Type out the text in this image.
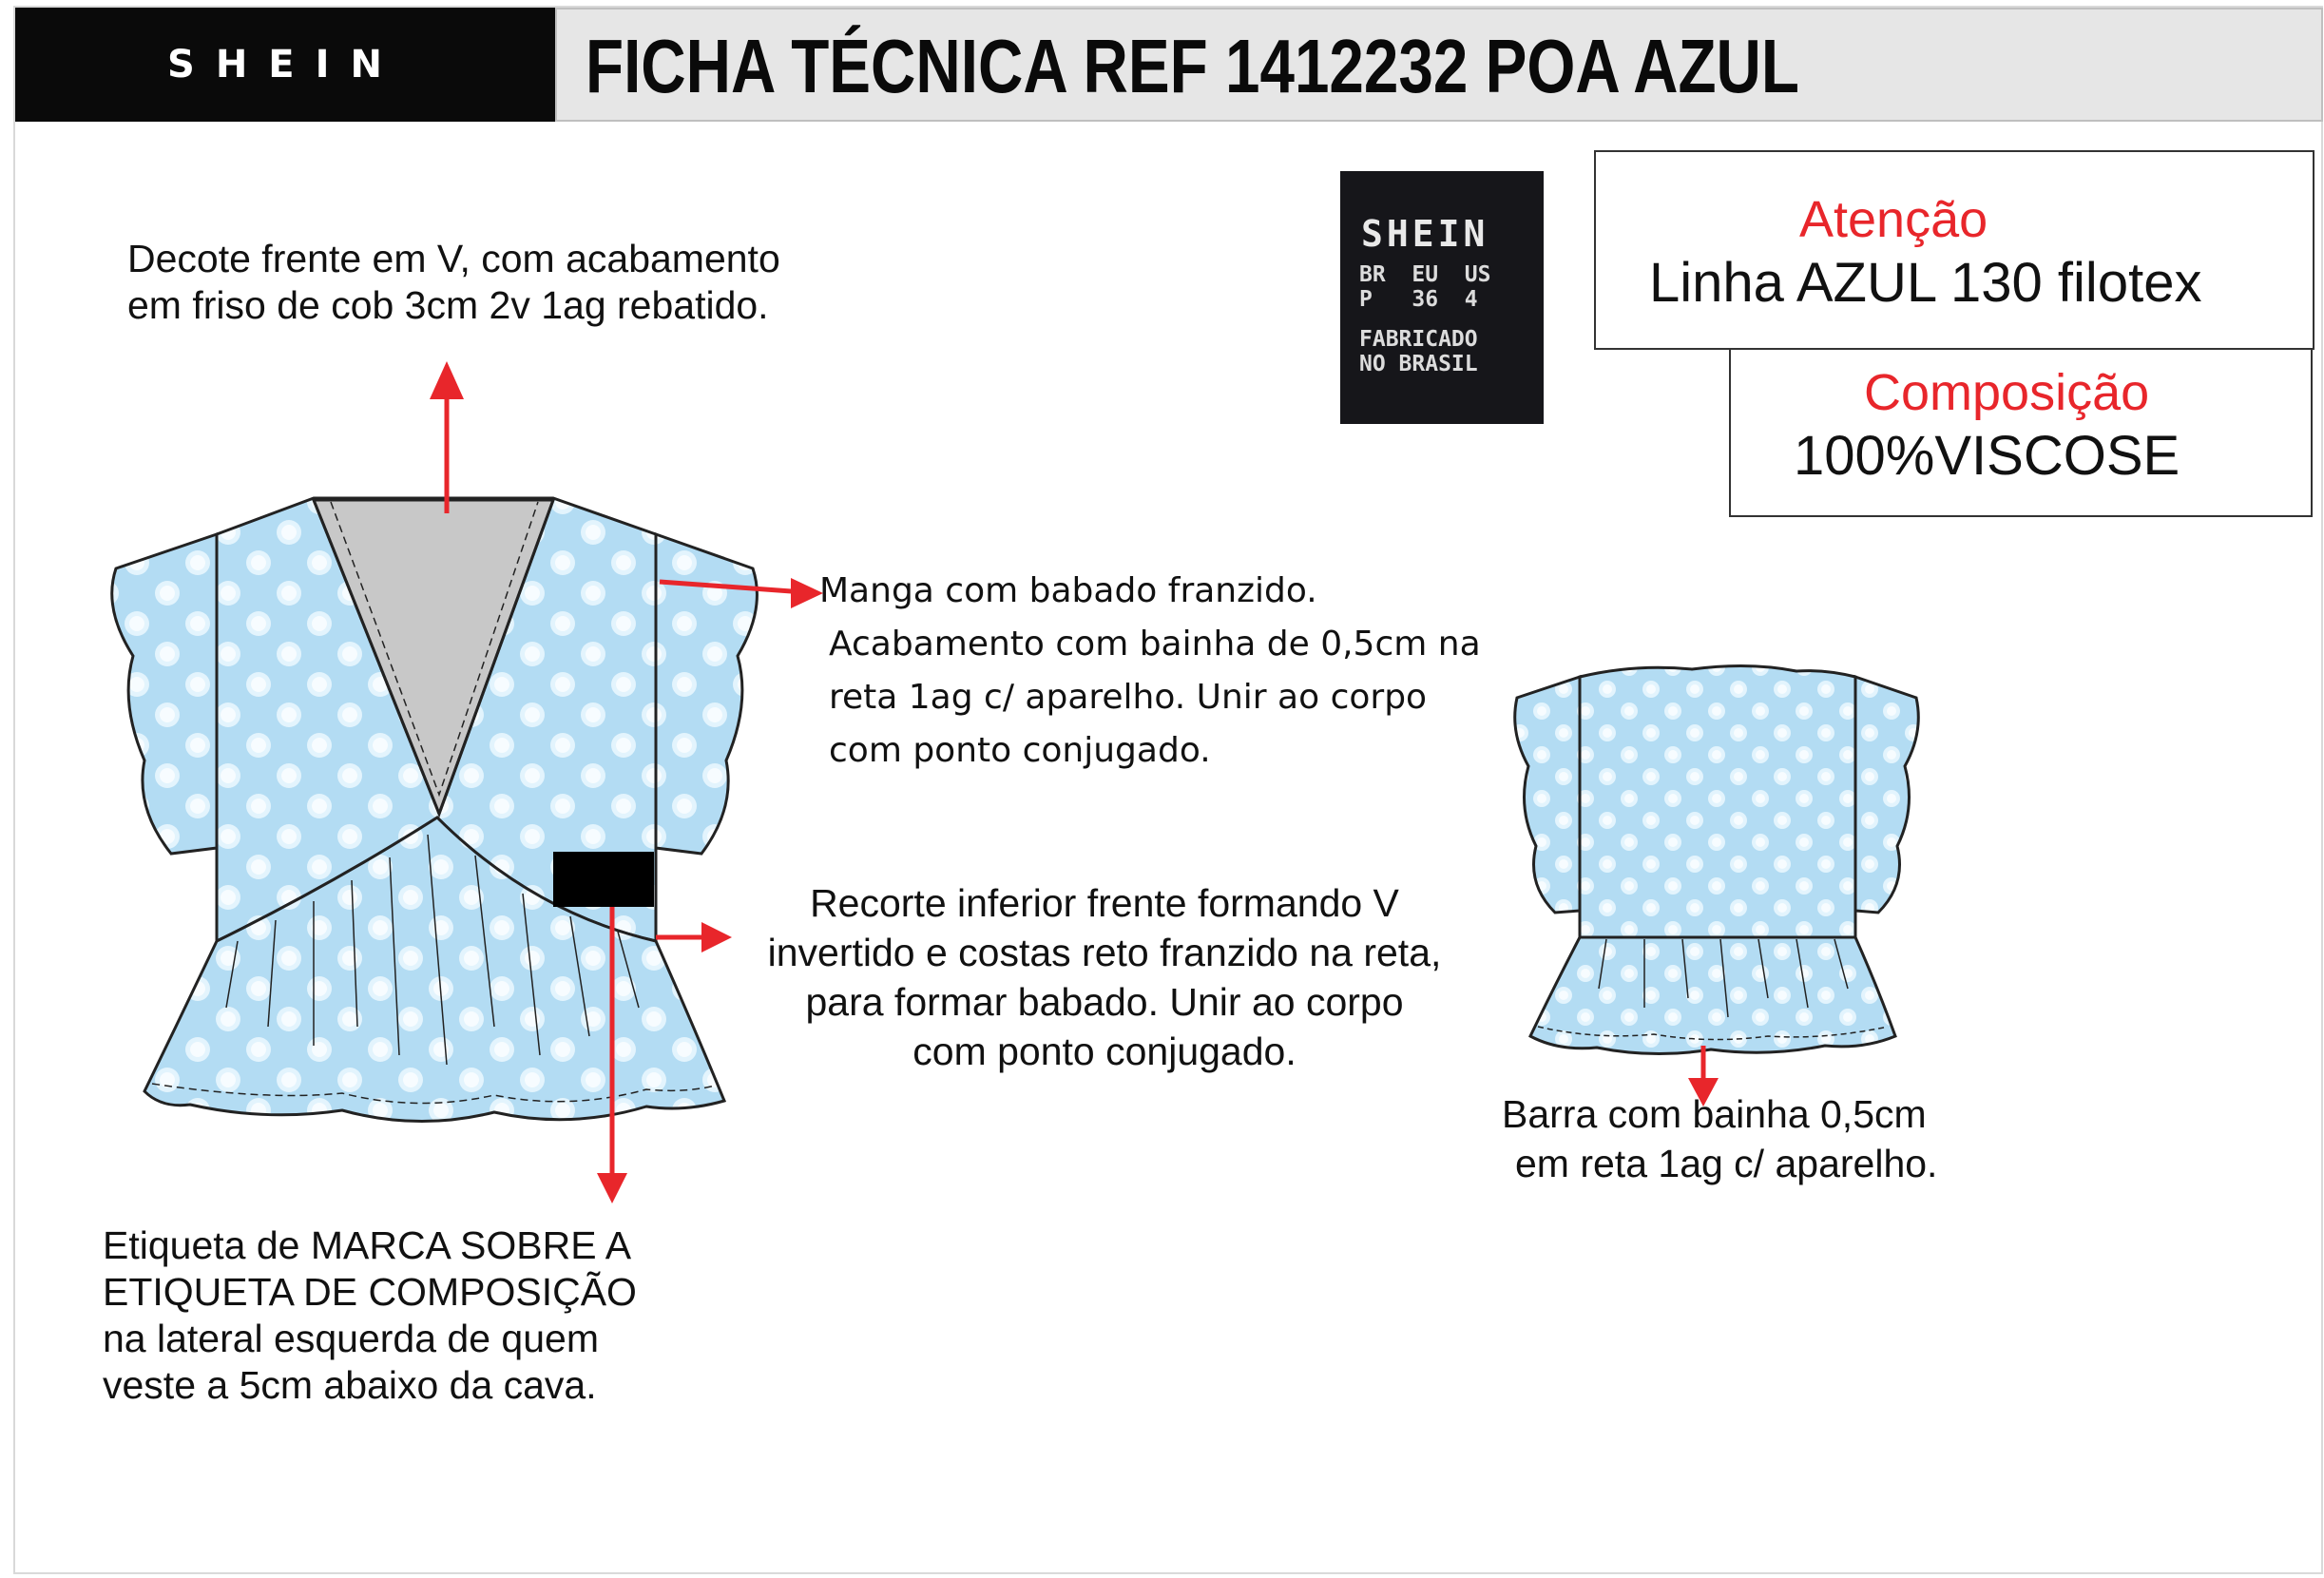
SHEIN	FICHA TÉCNICA REF 1412232 POA AZUL
SHEIN
BR  EU  US
P   36  4
FABRICADO
NO BRASIL
Atenção
Linha AZUL 130 filotex
Composição
100%VISCOSE
Decote frente em V, com acabamento
em friso de cob 3cm 2v 1ag rebatido.
Manga com babado franzido.
Acabamento com bainha de 0,5cm na
reta 1ag c/ aparelho. Unir ao corpo
com ponto conjugado.
Recorte inferior frente formando V
invertido e costas reto franzido na reta,
para formar babado. Unir ao corpo
com ponto conjugado.
Barra com bainha 0,5cm
em reta 1ag c/ aparelho.
Etiqueta de MARCA SOBRE A
ETIQUETA DE COMPOSIÇÃO
na lateral esquerda de quem
veste a 5cm abaixo da cava.
